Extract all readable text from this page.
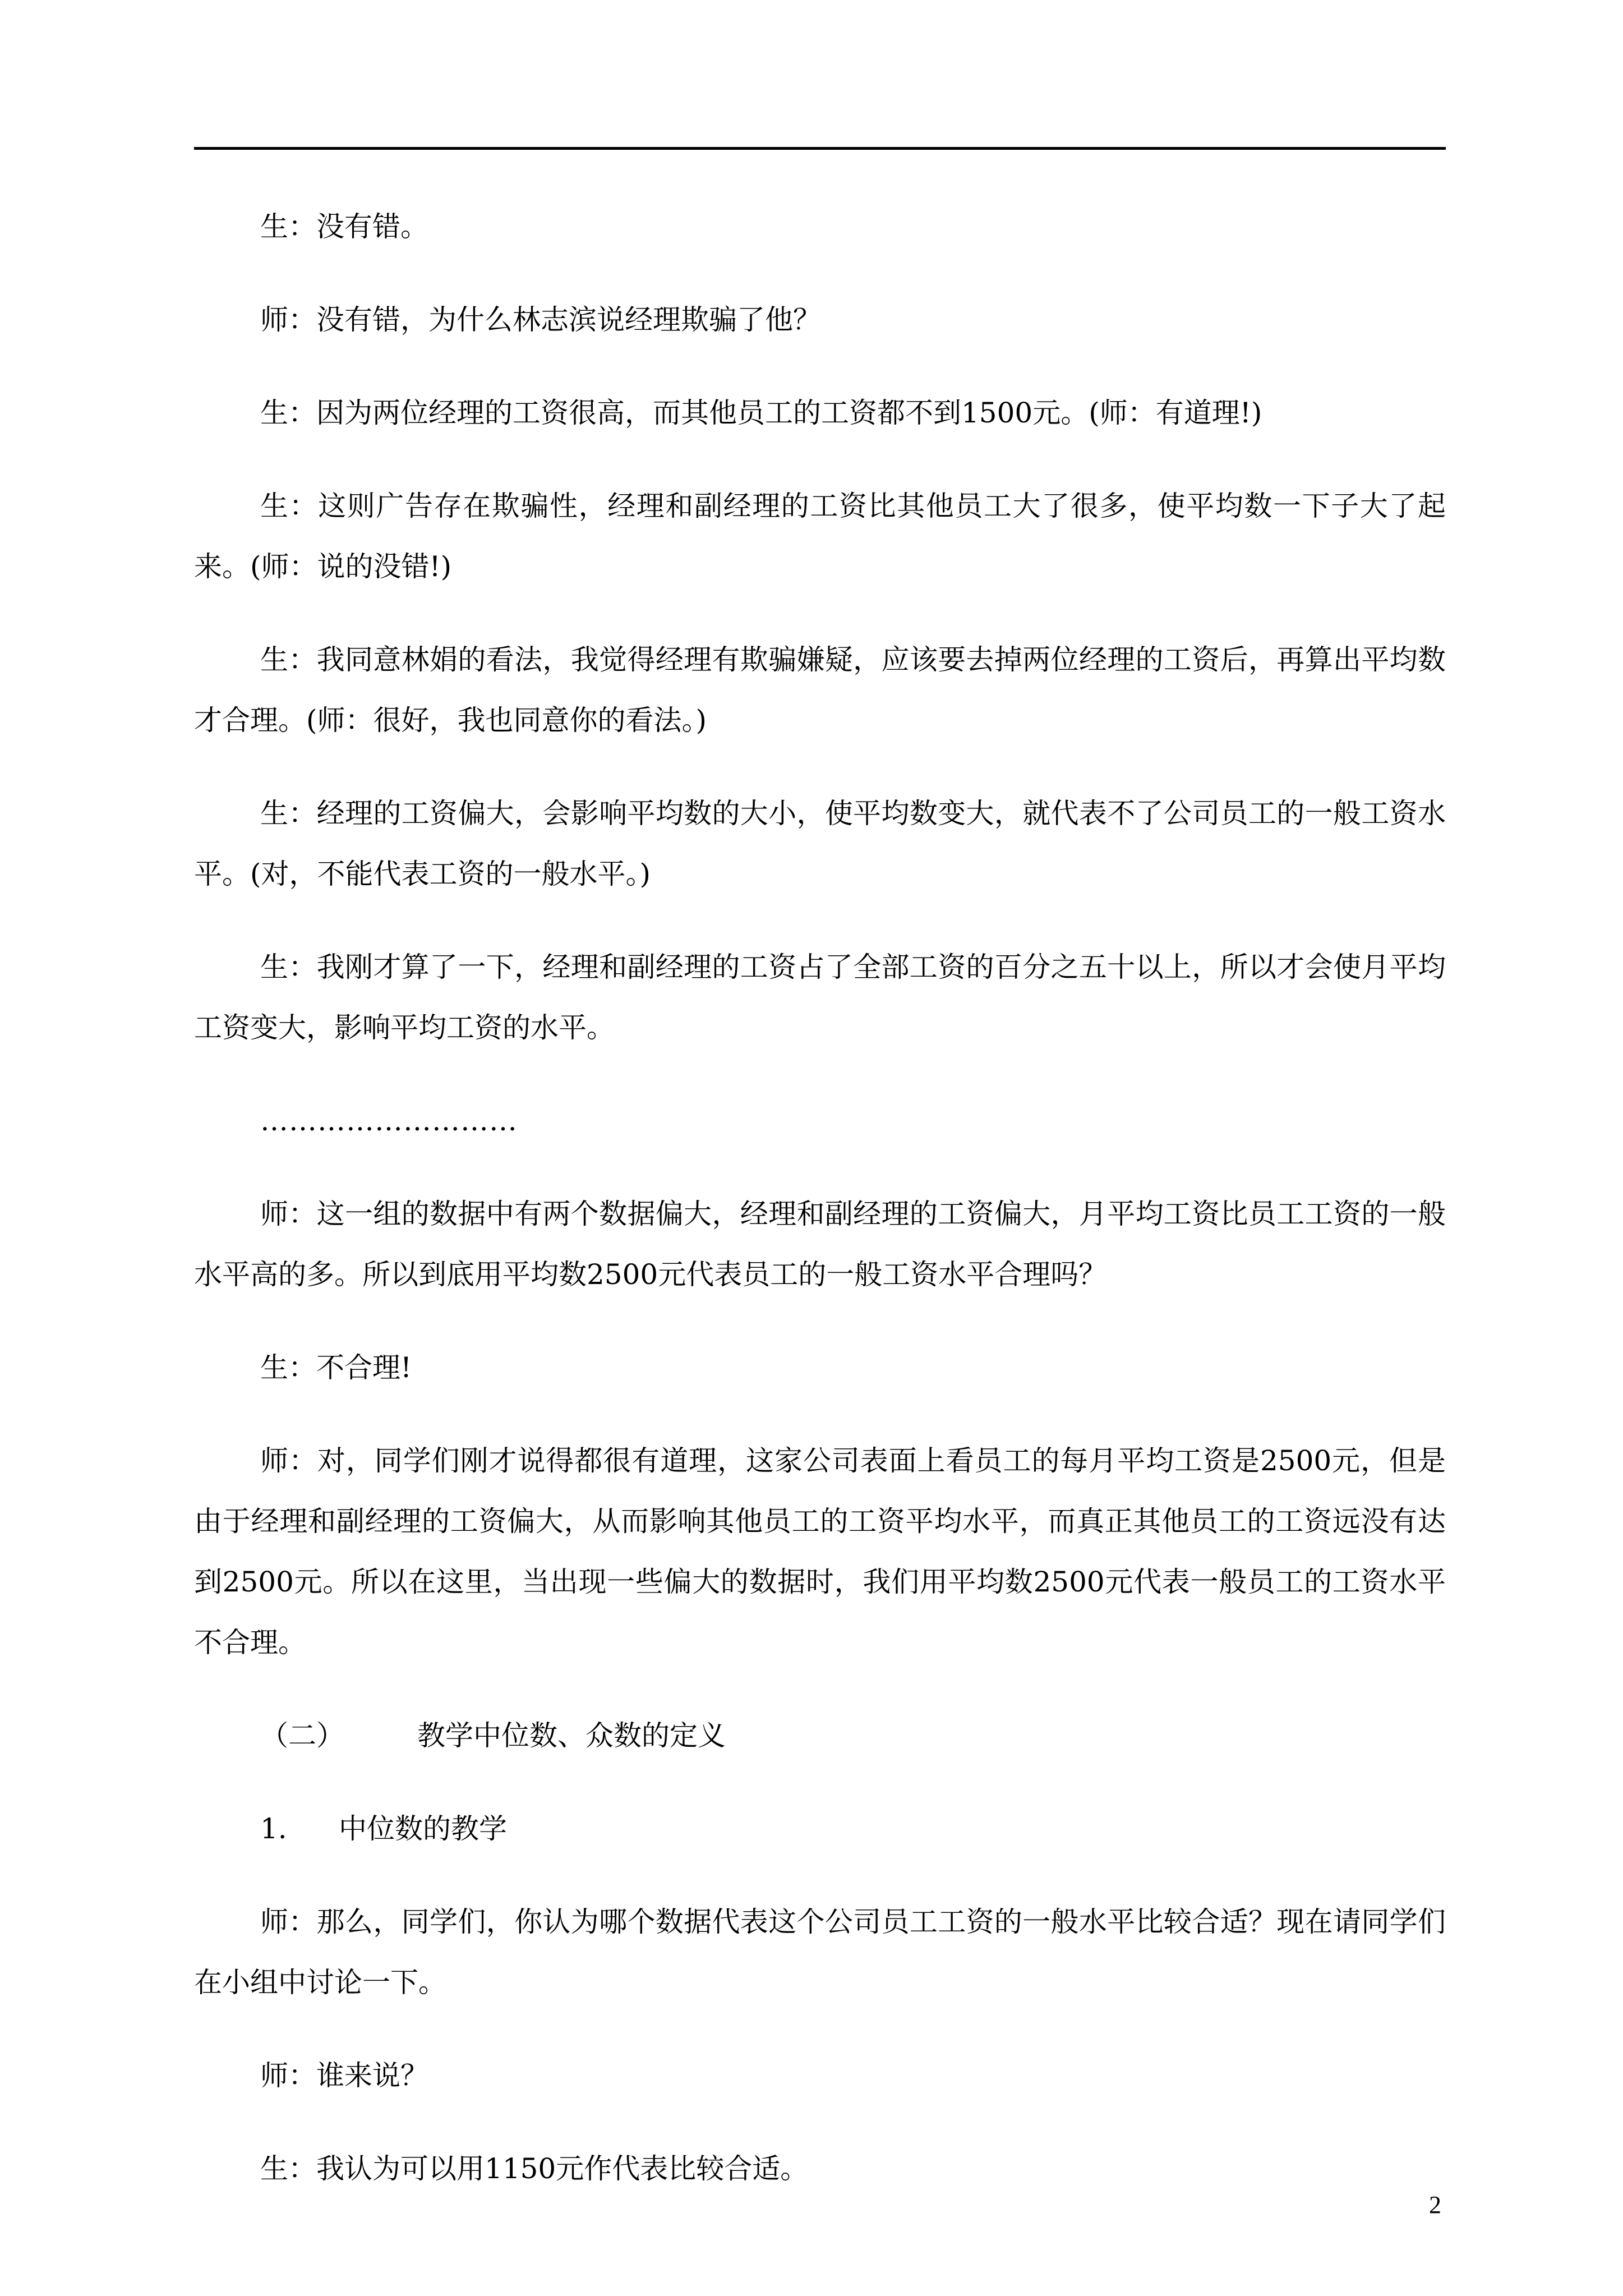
生：没有错。

师：没有错，为什么林志滨说经理欺骗了他？

生：因为两位经理的工资很高，而其他员工的工资都不到1500元。(师：有道理!)

生：这则广告存在欺骗性，经理和副经理的工资比其他员工大了很多，使平均数一下子大了起来。(师：说的没错!)

生：我同意林娟的看法，我觉得经理有欺骗嫌疑，应该要去掉两位经理的工资后，再算出平均数才合理。(师：很好，我也同意你的看法。)

生：经理的工资偏大，会影响平均数的大小，使平均数变大，就代表不了公司员工的一般工资水平。(对，不能代表工资的一般水平。)

生：我刚才算了一下，经理和副经理的工资占了全部工资的百分之五十以上，所以才会使月平均工资变大，影响平均工资的水平。

………………………

师：这一组的数据中有两个数据偏大，经理和副经理的工资偏大，月平均工资比员工工资的一般水平高的多。所以到底用平均数2500元代表员工的一般工资水平合理吗？

生：不合理!

师：对，同学们刚才说得都很有道理，这家公司表面上看员工的每月平均工资是2500元，但是由于经理和副经理的工资偏大，从而影响其他员工的工资平均水平，而真正其他员工的工资远没有达到2500元。所以在这里，当出现一些偏大的数据时，我们用平均数2500元代表一般员工的工资水平不合理。

（二）	教学中位数、众数的定义
1.	中位数的教学

师：那么，同学们，你认为哪个数据代表这个公司员工工资的一般水平比较合适？现在请同学们在小组中讨论一下。

师：谁来说？

生：我认为可以用1150元作代表比较合适。

2
